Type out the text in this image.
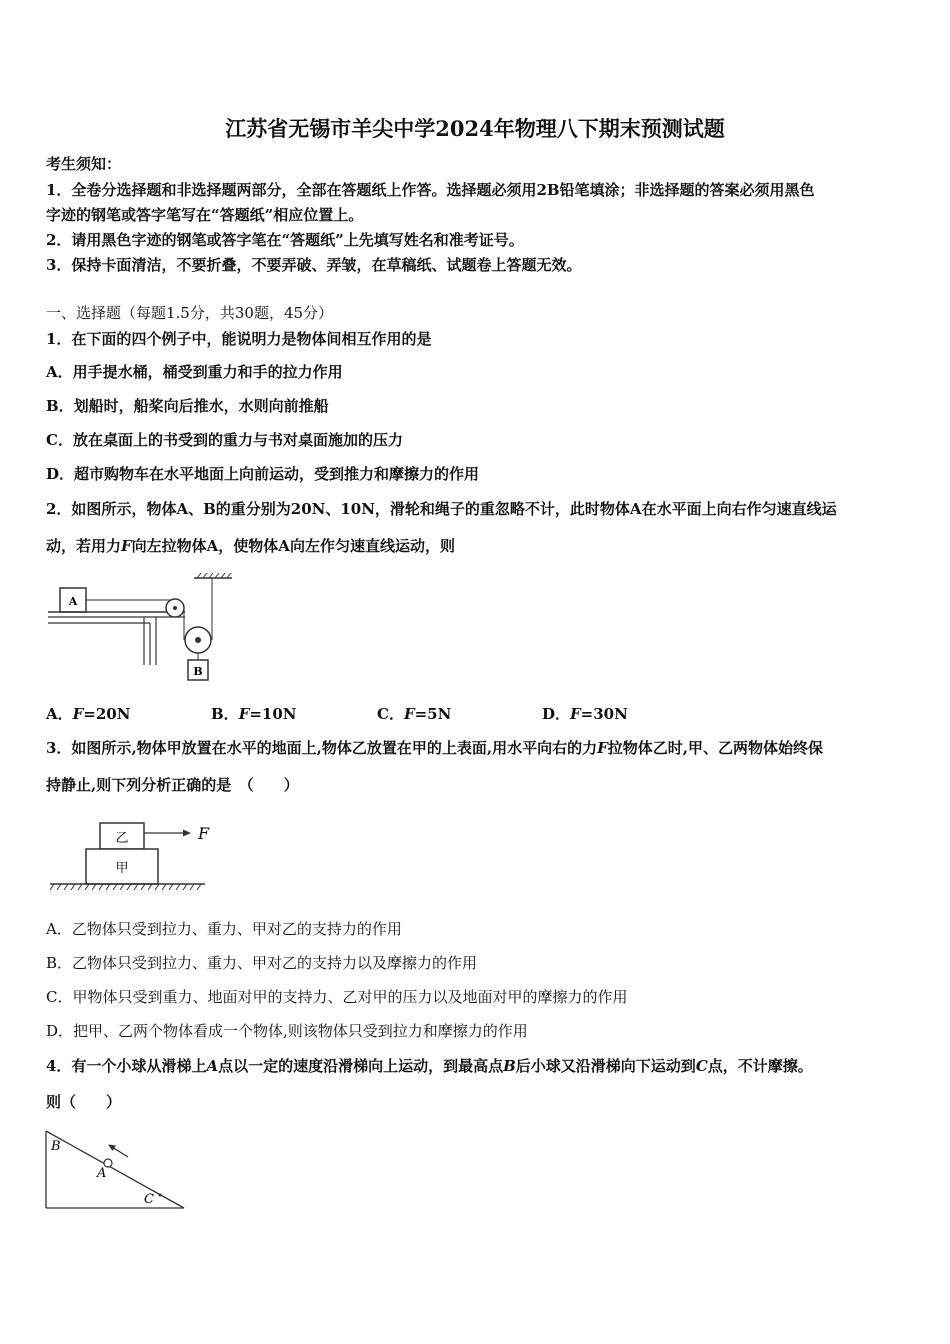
江苏省无锡市羊尖中学2024年物理八下期末预测试题
考生须知：
1．全卷分选择题和非选择题两部分，全部在答题纸上作答。选择题必须用2B铅笔填涂；非选择题的答案必须用黑色
字迹的钢笔或答字笔写在“答题纸”相应位置上。
2．请用黑色字迹的钢笔或答字笔在“答题纸”上先填写姓名和准考证号。
3．保持卡面清洁，不要折叠，不要弄破、弄皱，在草稿纸、试题卷上答题无效。
一、选择题（每题1.5分，共30题，45分）
1．在下面的四个例子中，能说明力是物体间相互作用的是
A．用手提水桶，桶受到重力和手的拉力作用
B．划船时，船桨向后推水，水则向前推船
C．放在桌面上的书受到的重力与书对桌面施加的压力
D．超市购物车在水平地面上向前运动，受到推力和摩擦力的作用
2．如图所示，物体A、B的重分别为20N、10N，滑轮和绳子的重忽略不计，此时物体A在水平面上向右作匀速直线运
动，若用力F向左拉物体A，使物体A向左作匀速直线运动，则
A
B
A．F=20N	B．F=10N	C．F=5N	D．F=30N
3．如图所示,物体甲放置在水平的地面上,物体乙放置在甲的上表面,用水平向右的力F拉物体乙时,甲、乙两物体始终保
持静止,则下列分析正确的是　（　　）
乙	F
甲
A．乙物体只受到拉力、重力、甲对乙的支持力的作用
B．乙物体只受到拉力、重力、甲对乙的支持力以及摩擦力的作用
C．甲物体只受到重力、地面对甲的支持力、乙对甲的压力以及地面对甲的摩擦力的作用
D．把甲、乙两个物体看成一个物体,则该物体只受到拉力和摩擦力的作用
4．有一个小球从滑梯上A点以一定的速度沿滑梯向上运动，到最高点B后小球又沿滑梯向下运动到C点，不计摩擦。
则（　　）
B
A
C
